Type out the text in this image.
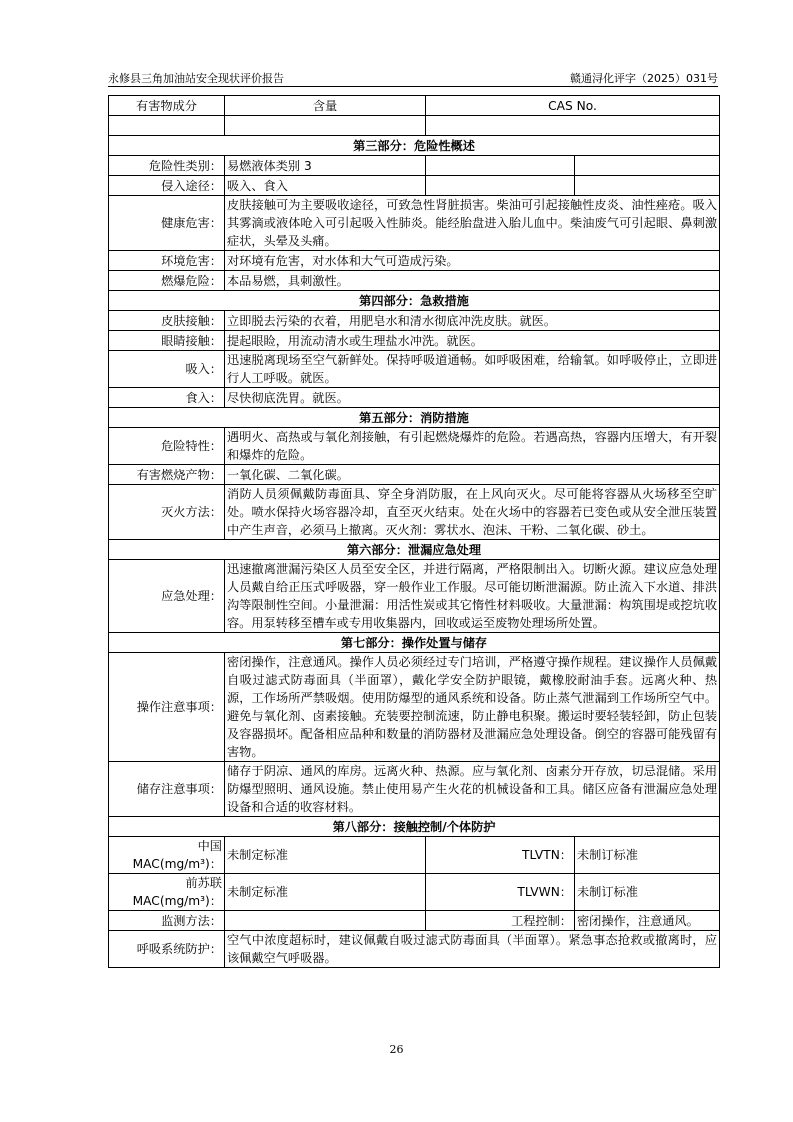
永修县三角加油站安全现状评价报告	赣通浔化评字（2025）031号
有害物成分	含量	CAS No.	

第三部分：危险性概述			
危险性类别：	易燃液体类别 3		
侵入途径：	吸入、食入		
健康危害：	皮肤接触可为主要吸收途径，可致急性肾脏损害。柴油可引起接触性皮炎、油性痤疮。吸入其雾滴或液体呛入可引起吸入性肺炎。能经胎盘进入胎儿血中。柴油废气可引起眼、鼻刺激症状，头晕及头痛。		
环境危害：	对环境有危害，对水体和大气可造成污染。		
燃爆危险：	本品易燃，具刺激性。		
第四部分：急救措施			
皮肤接触：	立即脱去污染的衣着，用肥皂水和清水彻底冲洗皮肤。就医。		
眼睛接触：	提起眼睑，用流动清水或生理盐水冲洗。就医。		
吸入：	迅速脱离现场至空气新鲜处。保持呼吸道通畅。如呼吸困难，给输氧。如呼吸停止，立即进行人工呼吸。就医。		
食入：	尽快彻底洗胃。就医。		
第五部分：消防措施			
危险特性：	遇明火、高热或与氧化剂接触，有引起燃烧爆炸的危险。若遇高热，容器内压增大，有开裂和爆炸的危险。		
有害燃烧产物：	一氧化碳、二氧化碳。		
灭火方法：	消防人员须佩戴防毒面具、穿全身消防服，在上风向灭火。尽可能将容器从火场移至空旷处。喷水保持火场容器冷却，直至灭火结束。处在火场中的容器若已变色或从安全泄压装置中产生声音，必须马上撤离。灭火剂：雾状水、泡沫、干粉、二氧化碳、砂土。		
第六部分：泄漏应急处理			
应急处理：	迅速撤离泄漏污染区人员至安全区，并进行隔离，严格限制出入。切断火源。建议应急处理人员戴自给正压式呼吸器，穿一般作业工作服。尽可能切断泄漏源。防止流入下水道、排洪沟等限制性空间。小量泄漏：用活性炭或其它惰性材料吸收。大量泄漏：构筑围堤或挖坑收容。用泵转移至槽车或专用收集器内，回收或运至废物处理场所处置。		
第七部分：操作处置与储存			
操作注意事项：	密闭操作，注意通风。操作人员必须经过专门培训，严格遵守操作规程。建议操作人员佩戴自吸过滤式防毒面具（半面罩），戴化学安全防护眼镜，戴橡胶耐油手套。远离火种、热源，工作场所严禁吸烟。使用防爆型的通风系统和设备。防止蒸气泄漏到工作场所空气中。避免与氧化剂、卤素接触。充装要控制流速，防止静电积聚。搬运时要轻装轻卸，防止包装及容器损坏。配备相应品种和数量的消防器材及泄漏应急处理设备。倒空的容器可能残留有害物。		
储存注意事项：	储存于阴凉、通风的库房。远离火种、热源。应与氧化剂、卤素分开存放，切忌混储。采用防爆型照明、通风设施。禁止使用易产生火花的机械设备和工具。储区应备有泄漏应急处理设备和合适的收容材料。		
第八部分：接触控制/个体防护			
中国MAC(mg/m³)：	未制定标准	TLVTN：	未制订标准
前苏联MAC(mg/m³)：	未制定标准	TLVWN：	未制订标准
监测方法：		工程控制：	密闭操作，注意通风。
呼吸系统防护：	空气中浓度超标时，建议佩戴自吸过滤式防毒面具（半面罩）。紧急事态抢救或撤离时，应该佩戴空气呼吸器。		
26
